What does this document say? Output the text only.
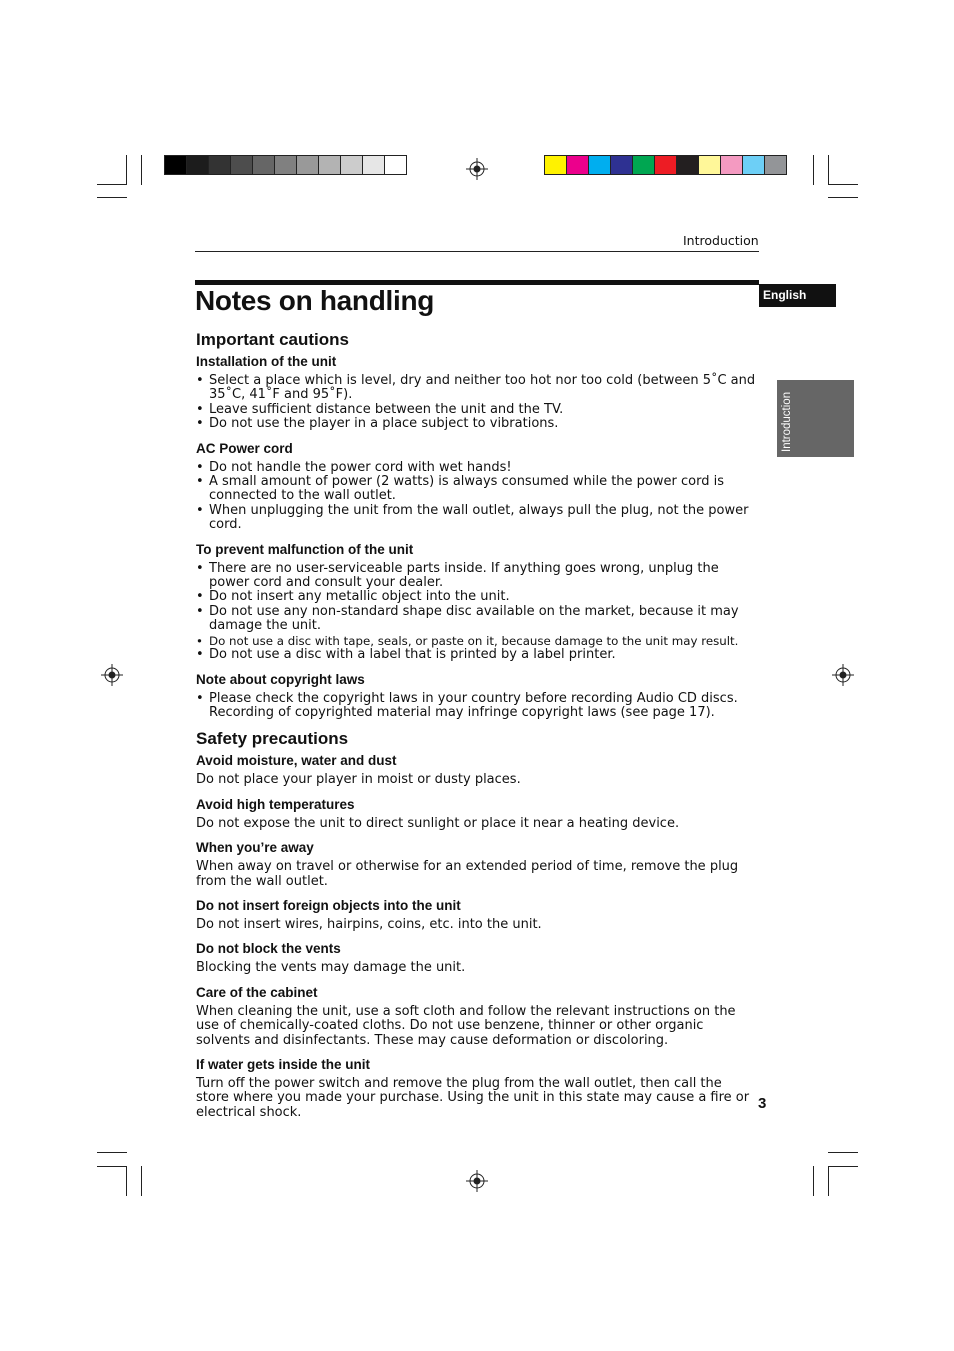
Introduction
Notes on handling	English
Introduction
Important cautions
Installation of the unit
• Select a place which is level, dry and neither too hot nor too cold (between 5˚C and 35˚C, 41˚F and 95˚F).
• Leave sufficient distance between the unit and the TV.
• Do not use the player in a place subject to vibrations.
AC Power cord
• Do not handle the power cord with wet hands!
• A small amount of power (2 watts) is always consumed while the power cord is connected to the wall outlet.
• When unplugging the unit from the wall outlet, always pull the plug, not the power cord.
To prevent malfunction of the unit
• There are no user-serviceable parts inside. If anything goes wrong, unplug the power cord and consult your dealer.
• Do not insert any metallic object into the unit.
• Do not use any non-standard shape disc available on the market, because it may damage the unit.
• Do not use a disc with tape, seals, or paste on it, because damage to the unit may result.
• Do not use a disc with a label that is printed by a label printer.
Note about copyright laws
• Please check the copyright laws in your country before recording Audio CD discs. Recording of copyrighted material may infringe copyright laws (see page 17).
Safety precautions
Avoid moisture, water and dust

Do not place your player in moist or dusty places.

Avoid high temperatures

Do not expose the unit to direct sunlight or place it near a heating device.

When you’re away

When away on travel or otherwise for an extended period of time, remove the plug from the wall outlet.

Do not insert foreign objects into the unit

Do not insert wires, hairpins, coins, etc. into the unit.

Do not block the vents

Blocking the vents may damage the unit.

Care of the cabinet

When cleaning the unit, use a soft cloth and follow the relevant instructions on the use of chemically-coated cloths. Do not use benzene, thinner or other organic solvents and disinfectants. These may cause deformation or discoloring.

If water gets inside the unit

Turn off the power switch and remove the plug from the wall outlet, then call the store where you made your purchase. Using the unit in this state may cause a fire or electrical shock.

3
